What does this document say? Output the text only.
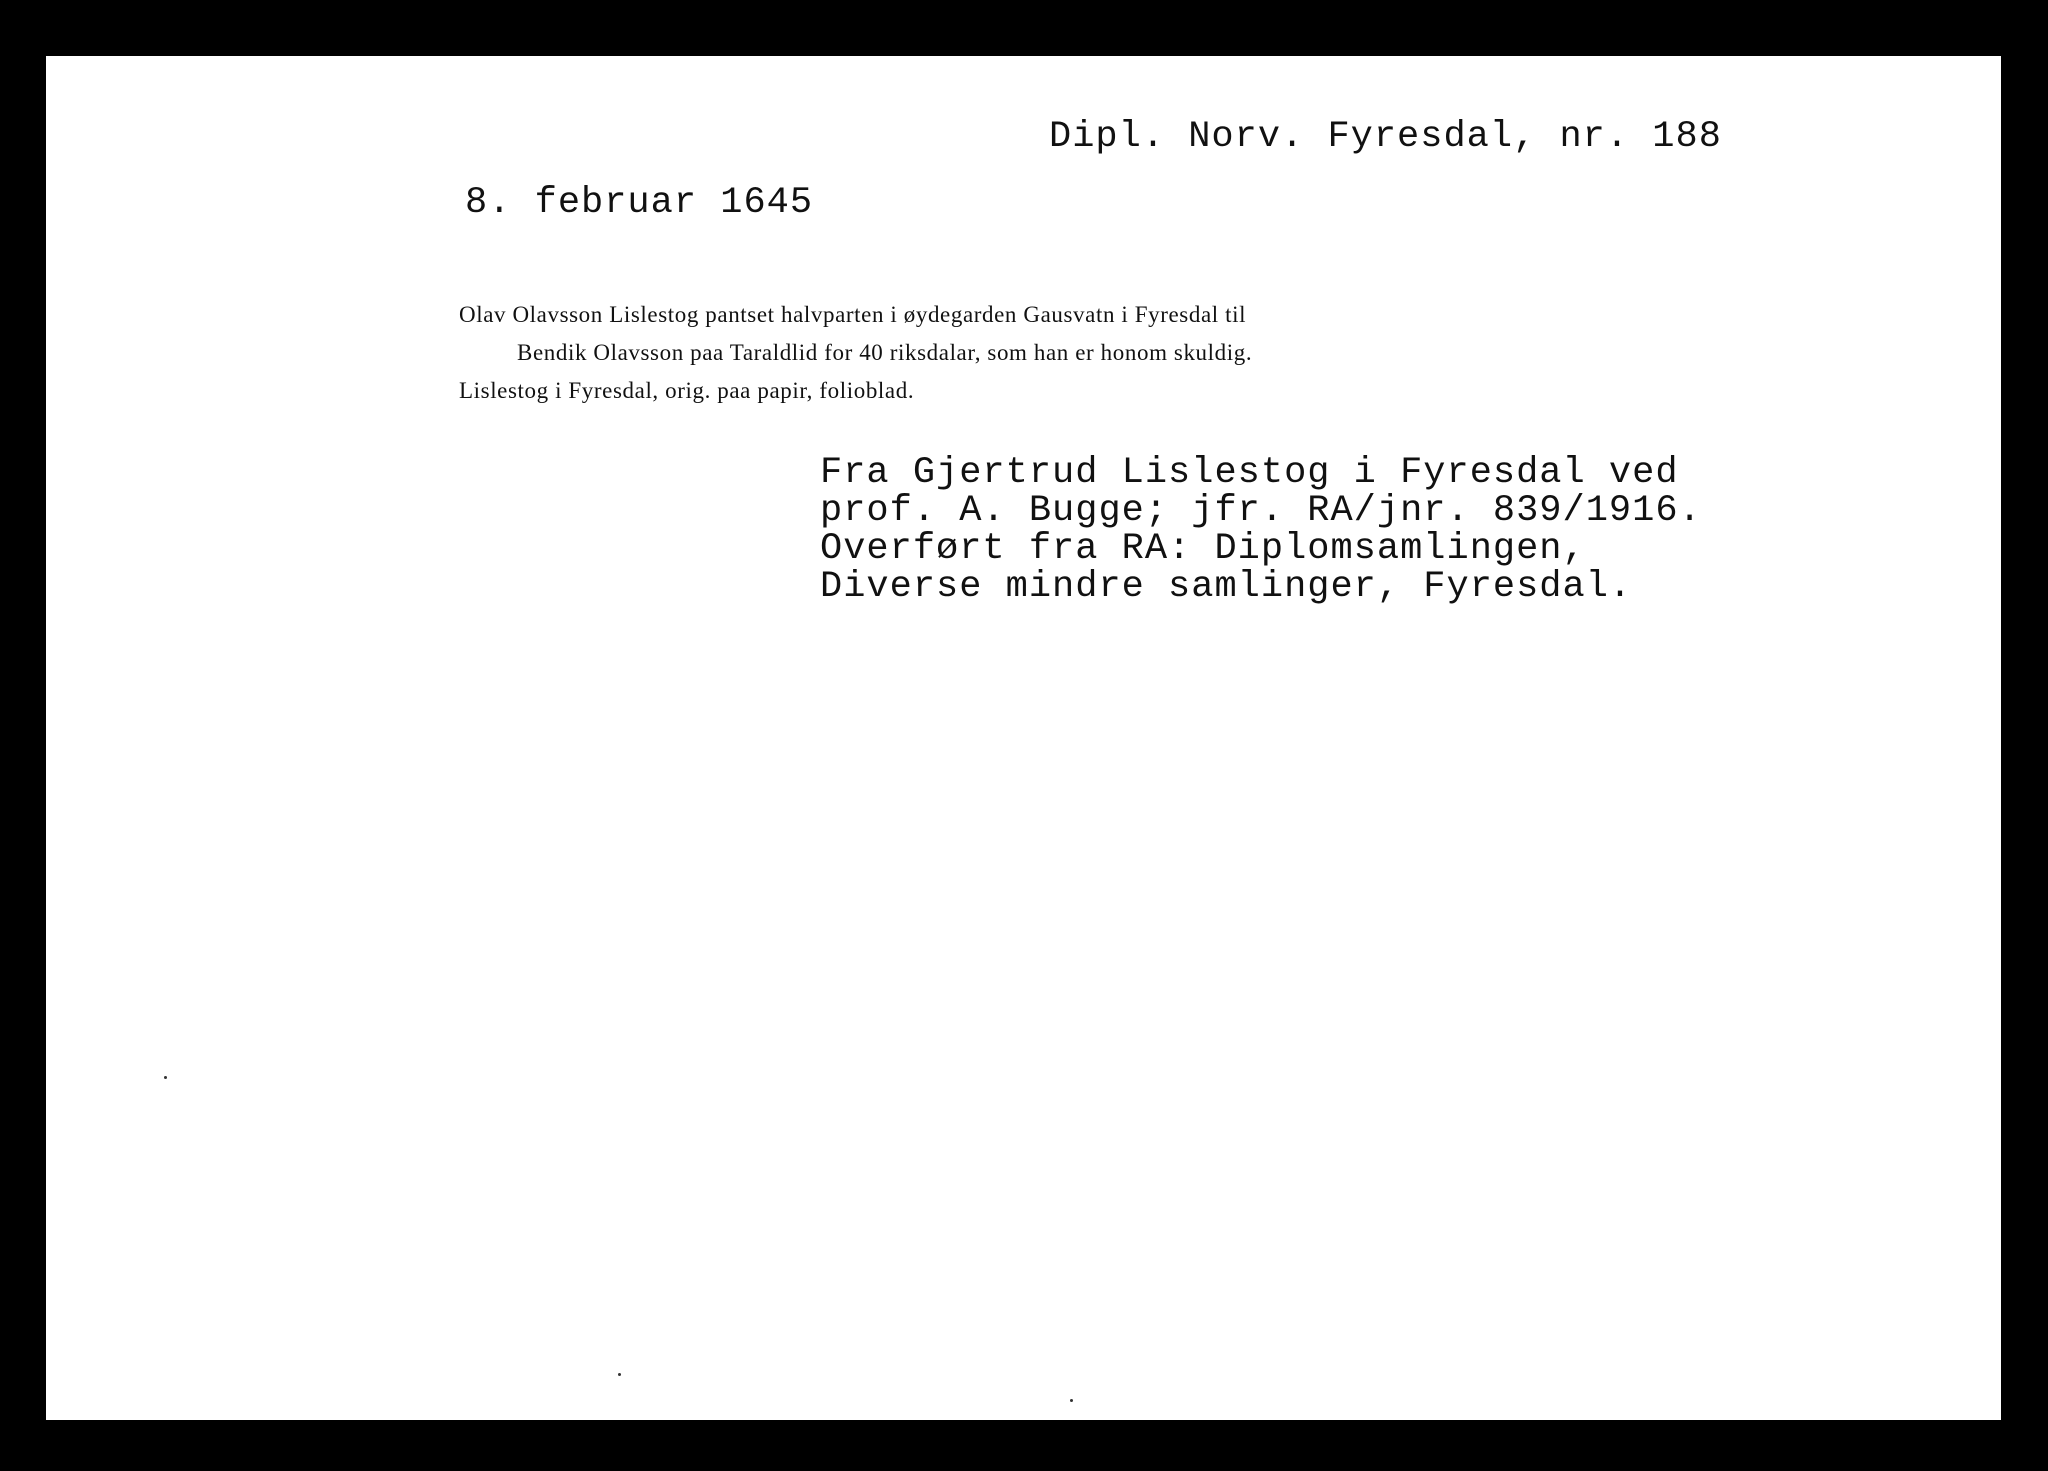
Dipl. Norv. Fyresdal, nr. 188
8. februar 1645
Olav Olavsson Lislestog pantset halvparten i øydegarden Gausvatn i Fyresdal til
Bendik Olavsson paa Taraldlid for 40 riksdalar, som han er honom skuldig.
Lislestog i Fyresdal, orig. paa papir, folioblad.
Fra Gjertrud Lislestog i Fyresdal ved
prof. A. Bugge; jfr. RA/jnr. 839/1916.
Overført fra RA: Diplomsamlingen,
Diverse mindre samlinger, Fyresdal.
